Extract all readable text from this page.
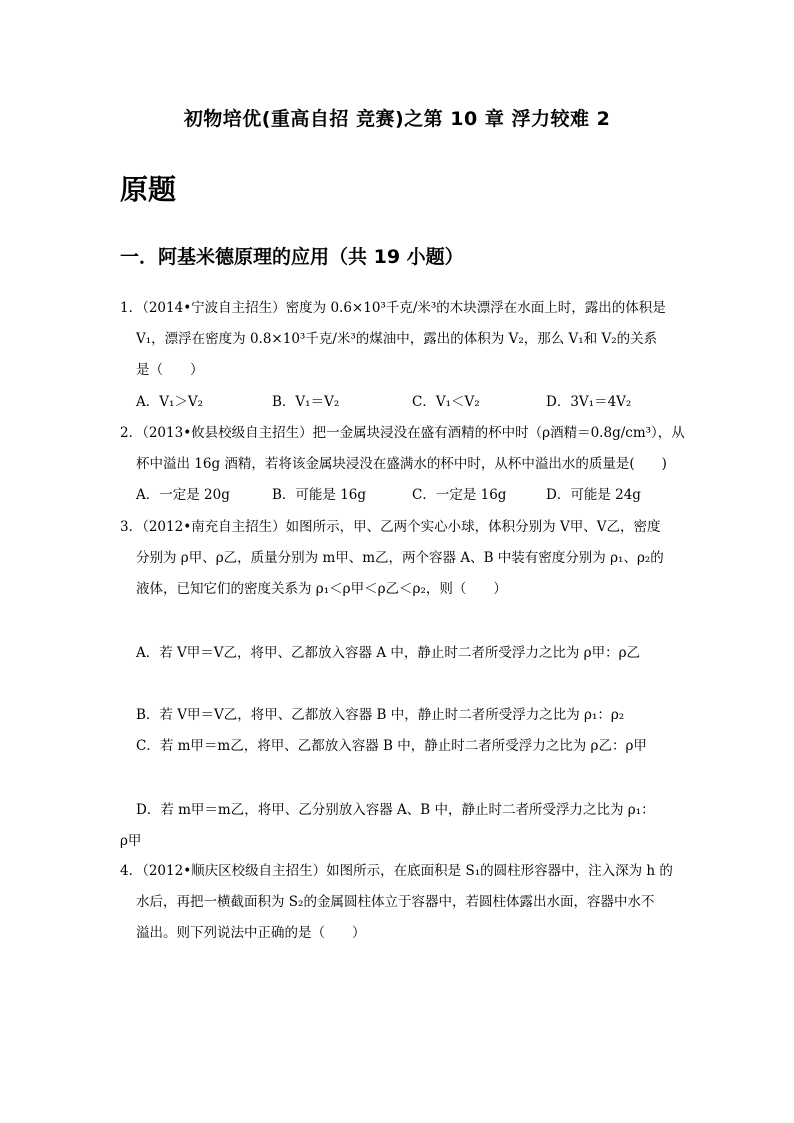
初物培优(重高自招 竞赛)之第 10 章 浮力较难 2
原题
一．阿基米德原理的应用（共 19 小题）
1．（2014•宁波自主招生）密度为 0.6×10³千克/米³的木块漂浮在水面上时，露出的体积是
V₁，漂浮在密度为 0.8×10³千克/米³的煤油中，露出的体积为 V₂，那么 V₁和 V₂的关系
是（　　）
A．V₁＞V₂	B．V₁＝V₂	C．V₁＜V₂	D．3V₁＝4V₂
2．（2013•攸县校级自主招生）把一金属块浸没在盛有酒精的杯中时（ρ酒精＝0.8g/cm³），从
杯中溢出 16g 酒精，若将该金属块浸没在盛满水的杯中时，从杯中溢出水的质量是(　　)
A．一定是 20g	B．可能是 16g	C．一定是 16g	D．可能是 24g
3．（2012•南充自主招生）如图所示，甲、乙两个实心小球，体积分别为 V甲、V乙，密度
分别为 ρ甲、ρ乙，质量分别为 m甲、m乙，两个容器 A、B 中装有密度分别为 ρ₁、ρ₂的
液体，已知它们的密度关系为 ρ₁＜ρ甲＜ρ乙＜ρ₂，则（　　）
A．若 V甲＝V乙，将甲、乙都放入容器 A 中，静止时二者所受浮力之比为 ρ甲：ρ乙
B．若 V甲＝V乙，将甲、乙都放入容器 B 中，静止时二者所受浮力之比为 ρ₁：ρ₂
C．若 m甲＝m乙，将甲、乙都放入容器 B 中，静止时二者所受浮力之比为 ρ乙：ρ甲
D．若 m甲＝m乙，将甲、乙分别放入容器 A、B 中，静止时二者所受浮力之比为 ρ₁：
ρ甲
4．（2012•顺庆区校级自主招生）如图所示，在底面积是 S₁的圆柱形容器中，注入深为 h 的
水后，再把一横截面积为 S₂的金属圆柱体立于容器中，若圆柱体露出水面，容器中水不
溢出。则下列说法中正确的是（　　）
